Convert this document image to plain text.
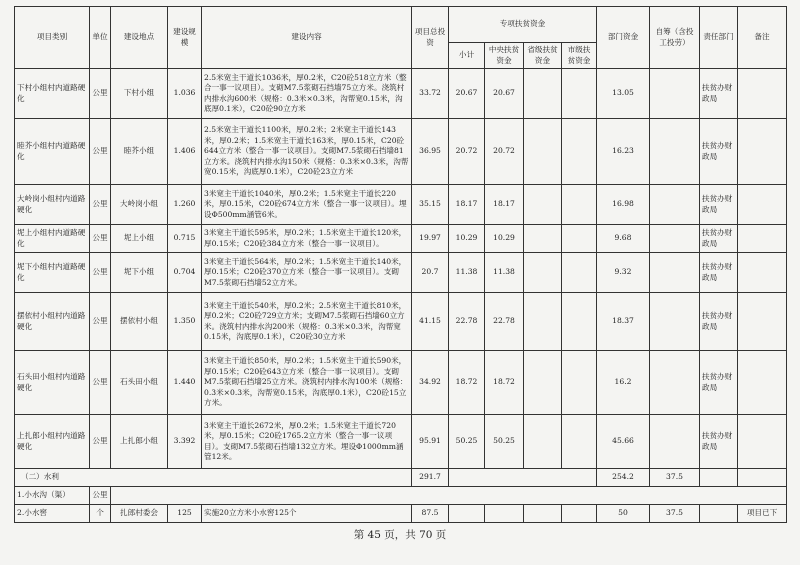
项目类别	单位	建设地点	建设规模	建设内容	项目总投资	专项扶贫资金				部门资金	自筹（含投工投劳）	责任部门	备注
						小计	中央扶贫资金	省级扶贫资金	市级扶贫资金				
下村小组村内道路硬化	公里	下村小组	1.036	2.5米宽主干道长1036米，厚0.2米，C20砼518立方米（整合一事一议项目）。支砌M7.5浆砌石挡墙75立方米。浇筑村内排水沟600米（规格：0.3米×0.3米，沟帮宽0.15米，沟底厚0.1米），C20砼90立方米	33.72	20.67	20.67			13.05		扶贫办财政局	
睦芥小组村内道路硬化	公里	睦芥小组	1.406	2.5米宽主干道长1100米，厚0.2米；2米宽主干道长143米，厚0.2米；1.5米宽主干道长163米，厚0.15米，C20砼644立方米（整合一事一议项目）。支砌M7.5浆砌石挡墙81立方米。浇筑村内排水沟150米（规格：0.3米×0.3米，沟帮宽0.15米，沟底厚0.1米），C20砼23立方米	36.95	20.72	20.72			16.23		扶贫办财政局	
大岭岗小组村内道路硬化	公里	大岭岗小组	1.260	3米宽主干道长1040米，厚0.2米；1.5米宽主干道长220米，厚0.15米，C20砼674立方米（整合一事一议项目）。埋设Φ500mm涵管6米。	35.15	18.17	18.17			16.98		扶贫办财政局	
坭上小组村内道路硬化	公里	坭上小组	0.715	3米宽主干道长595米，厚0.2米；1.5米宽主干道长120米，厚0.15米；C20砼384立方米（整合一事一议项目）。	19.97	10.29	10.29			9.68		扶贫办财政局	
坭下小组村内道路硬化	公里	坭下小组	0.704	3米宽主干道长564米，厚0.2米；1.5米宽主干道长140米，厚0.15米；C20砼370立方米（整合一事一议项目）。支砌M7.5浆砌石挡墙52立方米。	20.7	11.38	11.38			9.32		扶贫办财政局	
摆依村小组村内道路硬化	公里	摆依村小组	1.350	3米宽主干道长540米，厚0.2米；2.5米宽主干道长810米，厚0.2米；C20砼729立方米；支砌M7.5浆砌石挡墙60立方米。浇筑村内排水沟200米（规格：0.3米×0.3米，沟帮宽0.15米，沟底厚0.1米），C20砼30立方米	41.15	22.78	22.78			18.37		扶贫办财政局	
石头田小组村内道路硬化	公里	石头田小组	1.440	3米宽主干道长850米，厚0.2米；1.5米宽主干道长590米，厚0.15米；C20砼643立方米（整合一事一议项目）。支砌M7.5浆砌石挡墙25立方米。浇筑村内排水沟100米（规格：0.3米×0.3米，沟帮宽0.15米，沟底厚0.1米），C20砼15立方米。	34.92	18.72	18.72			16.2		扶贫办财政局	
上扎郎小组村内道路硬化	公里	上扎郎小组	3.392	3米宽主干道长2672米，厚0.2米；1.5米宽主干道长720米，厚0.15米；C20砼1765.2立方米（整合一事一议项目）。支砌M7.5浆砌石挡墙132立方米。埋设Φ1000mm涵管12米。	95.91	50.25	50.25			45.66		扶贫办财政局	
（二）水利					291.7					254.2	37.5		
1.小水沟（渠）	公里												
2.小水窖	个	扎郎村委会	125	实施20立方米小水窖125个	87.5					50	37.5		项目已下
第 45 页，共 70 页
